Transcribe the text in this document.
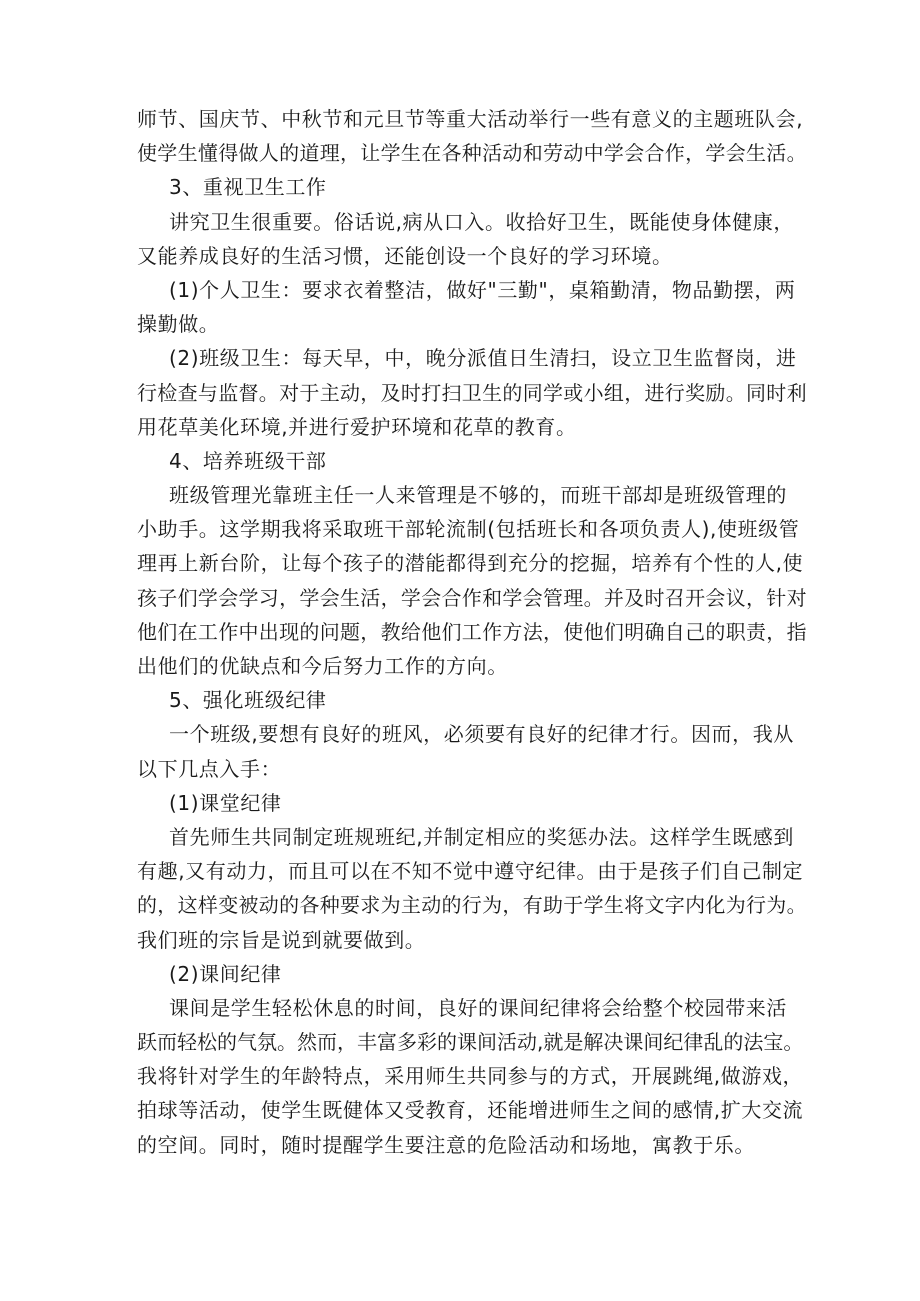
师节、国庆节、中秋节和元旦节等重大活动举行一些有意义的主题班队会,
使学生懂得做人的道理，让学生在各种活动和劳动中学会合作，学会生活。
3、重视卫生工作
讲究卫生很重要。俗话说,病从口入。收拾好卫生，既能使身体健康，
又能养成良好的生活习惯，还能创设一个良好的学习环境。
(1)个人卫生：要求衣着整洁，做好"三勤"，桌箱勤清，物品勤摆，两
操勤做。
(2)班级卫生：每天早，中，晚分派值日生清扫，设立卫生监督岗，进
行检查与监督。对于主动，及时打扫卫生的同学或小组，进行奖励。同时利
用花草美化环境,并进行爱护环境和花草的教育。
4、培养班级干部
班级管理光靠班主任一人来管理是不够的，而班干部却是班级管理的
小助手。这学期我将采取班干部轮流制(包括班长和各项负责人),使班级管
理再上新台阶，让每个孩子的潜能都得到充分的挖掘，培养有个性的人,使
孩子们学会学习，学会生活，学会合作和学会管理。并及时召开会议，针对
他们在工作中出现的问题，教给他们工作方法，使他们明确自己的职责，指
出他们的优缺点和今后努力工作的方向。
5、强化班级纪律
一个班级,要想有良好的班风，必须要有良好的纪律才行。因而，我从
以下几点入手：
(1)课堂纪律
首先师生共同制定班规班纪,并制定相应的奖惩办法。这样学生既感到
有趣,又有动力，而且可以在不知不觉中遵守纪律。由于是孩子们自己制定
的，这样变被动的各种要求为主动的行为，有助于学生将文字内化为行为。
我们班的宗旨是说到就要做到。
(2)课间纪律
课间是学生轻松休息的时间，良好的课间纪律将会给整个校园带来活
跃而轻松的气氛。然而，丰富多彩的课间活动,就是解决课间纪律乱的法宝。
我将针对学生的年龄特点，采用师生共同参与的方式，开展跳绳,做游戏，
拍球等活动，使学生既健体又受教育，还能增进师生之间的感情,扩大交流
的空间。同时，随时提醒学生要注意的危险活动和场地，寓教于乐。
